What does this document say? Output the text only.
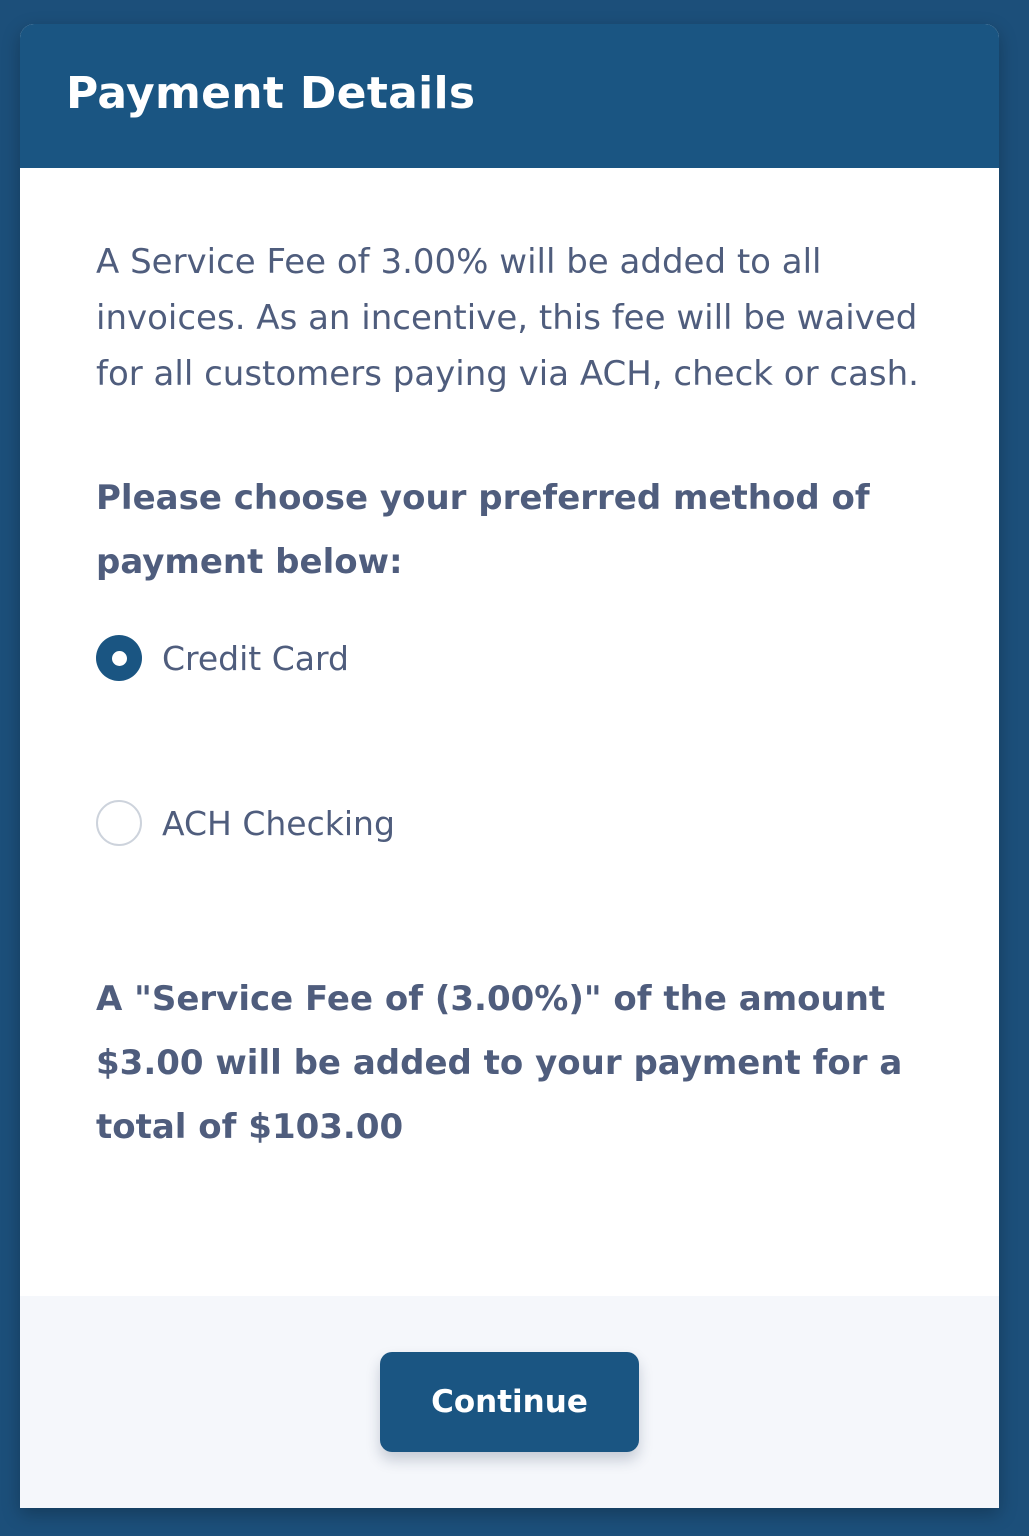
Payment Details

A Service Fee of 3.00% will be added to all invoices. As an incentive, this fee will be waived for all customers paying via ACH, check or cash.

Please choose your preferred method of payment below:

Credit Card
ACH Checking

A "Service Fee of (3.00%)" of the amount $3.00 will be added to your payment for a total of $103.00

Continue
